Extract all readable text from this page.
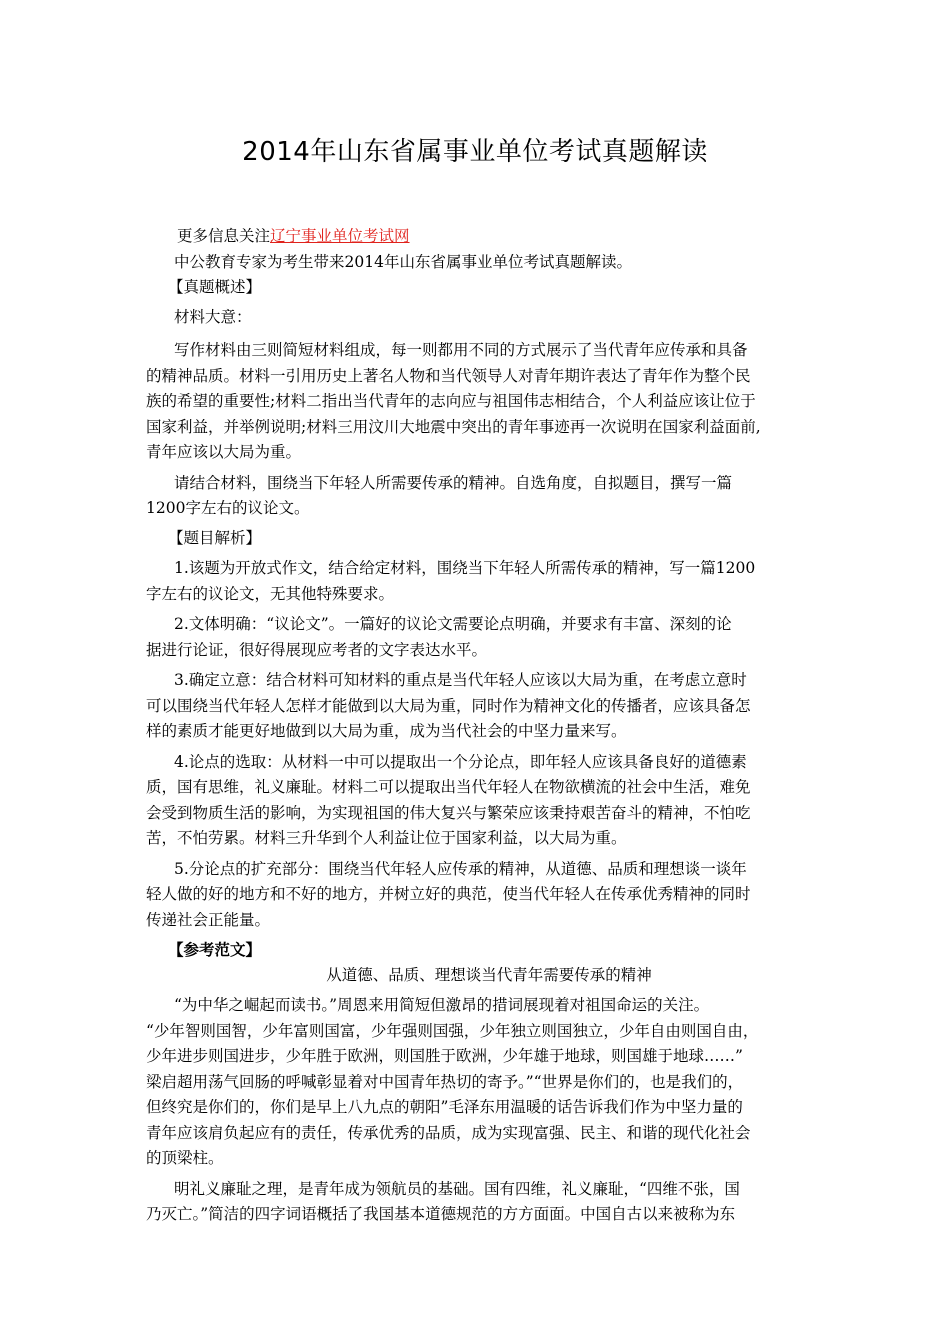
2014年山东省属事业单位考试真题解读
更多信息关注辽宁事业单位考试网
中公教育专家为考生带来2014年山东省属事业单位考试真题解读。
【真题概述】
材料大意：
写作材料由三则简短材料组成，每一则都用不同的方式展示了当代青年应传承和具备
的精神品质。材料一引用历史上著名人物和当代领导人对青年期许表达了青年作为整个民
族的希望的重要性;材料二指出当代青年的志向应与祖国伟志相结合，个人利益应该让位于
国家利益，并举例说明;材料三用汶川大地震中突出的青年事迹再一次说明在国家利益面前,
青年应该以大局为重。
请结合材料，围绕当下年轻人所需要传承的精神。自选角度，自拟题目，撰写一篇
1200字左右的议论文。
【题目解析】
1.该题为开放式作文，结合给定材料，围绕当下年轻人所需传承的精神，写一篇1200
字左右的议论文，无其他特殊要求。
2.文体明确：“议论文”。一篇好的议论文需要论点明确，并要求有丰富、深刻的论
据进行论证，很好得展现应考者的文字表达水平。
3.确定立意：结合材料可知材料的重点是当代年轻人应该以大局为重，在考虑立意时
可以围绕当代年轻人怎样才能做到以大局为重，同时作为精神文化的传播者，应该具备怎
样的素质才能更好地做到以大局为重，成为当代社会的中坚力量来写。
4.论点的选取：从材料一中可以提取出一个分论点，即年轻人应该具备良好的道德素
质，国有思维，礼义廉耻。材料二可以提取出当代年轻人在物欲横流的社会中生活，难免
会受到物质生活的影响，为实现祖国的伟大复兴与繁荣应该秉持艰苦奋斗的精神，不怕吃
苦，不怕劳累。材料三升华到个人利益让位于国家利益，以大局为重。
5.分论点的扩充部分：围绕当代年轻人应传承的精神，从道德、品质和理想谈一谈年
轻人做的好的地方和不好的地方，并树立好的典范，使当代年轻人在传承优秀精神的同时
传递社会正能量。
【参考范文】
从道德、品质、理想谈当代青年需要传承的精神
“为中华之崛起而读书。”周恩来用简短但激昂的措词展现着对祖国命运的关注。
“少年智则国智，少年富则国富，少年强则国强，少年独立则国独立，少年自由则国自由，
少年进步则国进步，少年胜于欧洲，则国胜于欧洲，少年雄于地球，则国雄于地球……”
梁启超用荡气回肠的呼喊彰显着对中国青年热切的寄予。”“世界是你们的，也是我们的，
但终究是你们的，你们是早上八九点的朝阳”毛泽东用温暖的话告诉我们作为中坚力量的
青年应该肩负起应有的责任，传承优秀的品质，成为实现富强、民主、和谐的现代化社会
的顶梁柱。
明礼义廉耻之理，是青年成为领航员的基础。国有四维，礼义廉耻，“四维不张，国
乃灭亡。”简洁的四字词语概括了我国基本道德规范的方方面面。中国自古以来被称为东
